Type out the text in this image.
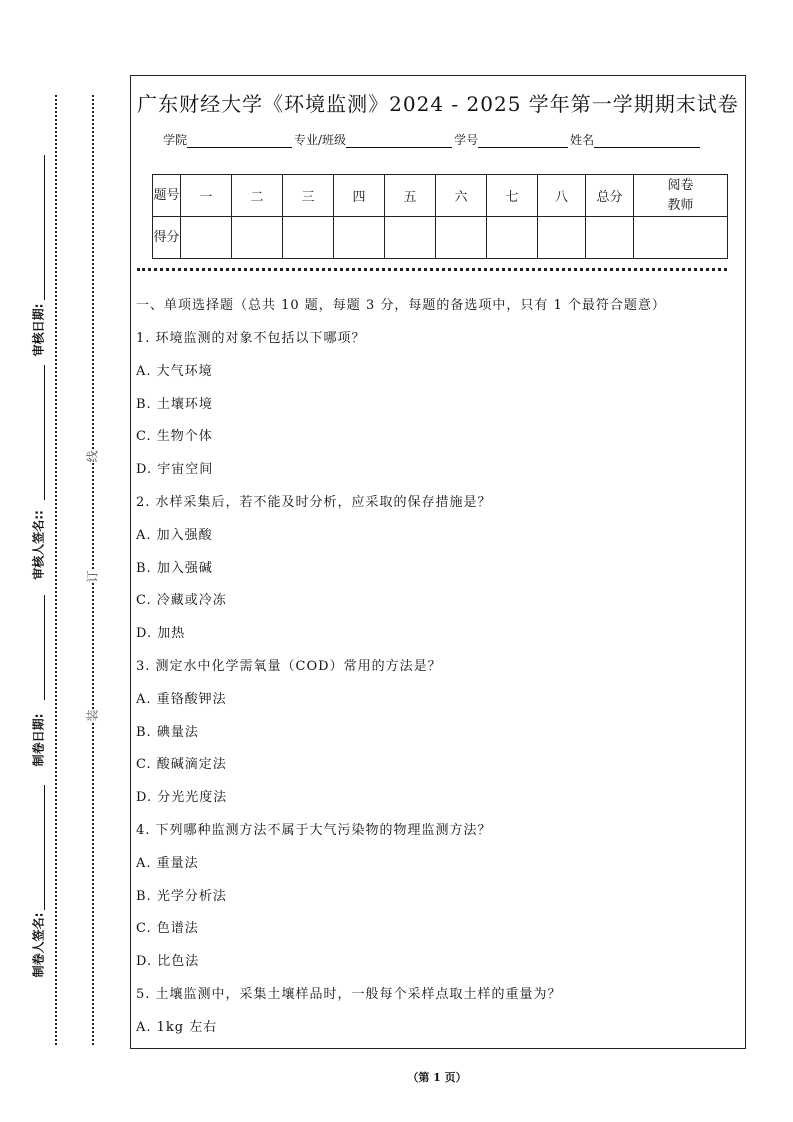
制卷人签名:
制卷日期:
审核人签名::
审核日期:
装
订
线
广东财经大学《环境监测》2024 - 2025 学年第一学期期末试卷
学院	专业/班级	学号	姓名
题号	一	二	三	四	五	六	七	八	总分	阅卷教师
得分										
一、单项选择题（总共 10 题，每题 3 分，每题的备选项中，只有 1 个最符合题意）
1. 环境监测的对象不包括以下哪项？
A. 大气环境
B. 土壤环境
C. 生物个体
D. 宇宙空间
2. 水样采集后，若不能及时分析，应采取的保存措施是？
A. 加入强酸
B. 加入强碱
C. 冷藏或冷冻
D. 加热
3. 测定水中化学需氧量（COD）常用的方法是？
A. 重铬酸钾法
B. 碘量法
C. 酸碱滴定法
D. 分光光度法
4. 下列哪种监测方法不属于大气污染物的物理监测方法？
A. 重量法
B. 光学分析法
C. 色谱法
D. 比色法
5. 土壤监测中，采集土壤样品时，一般每个采样点取土样的重量为？
A. 1kg 左右
（第 1 页）
